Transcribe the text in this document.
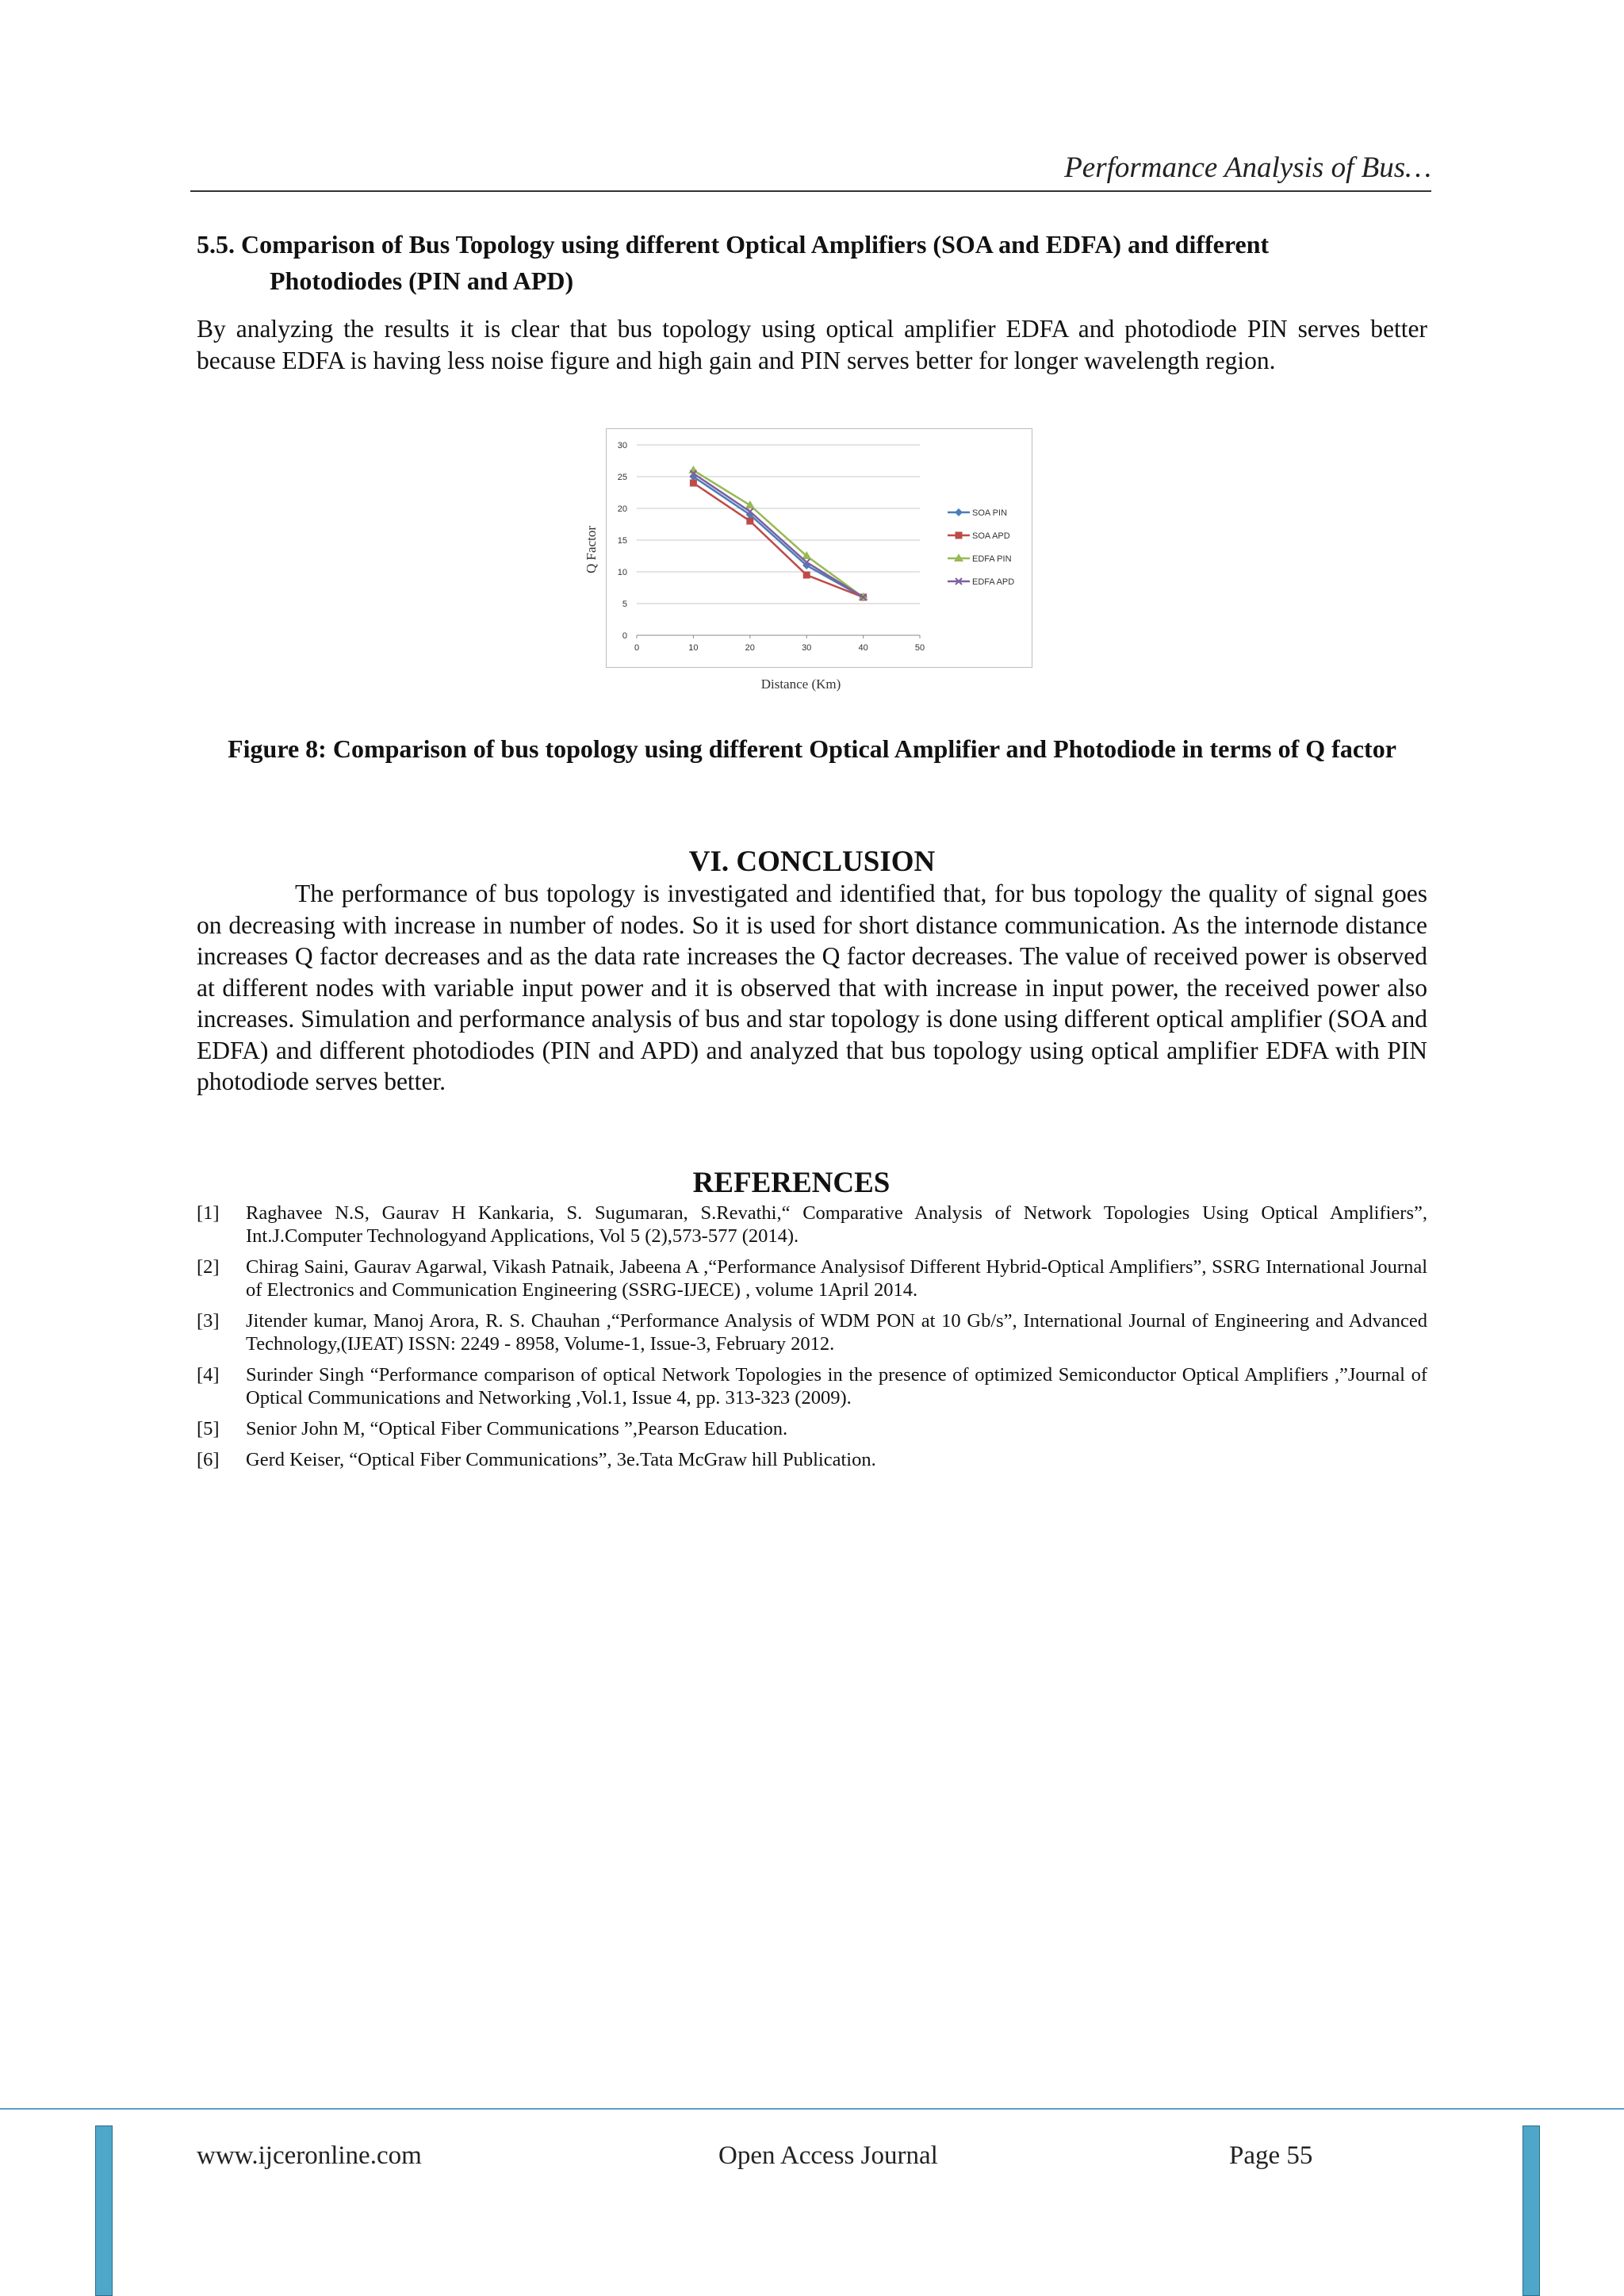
Performance Analysis of Bus…
5.5. Comparison of Bus Topology using different Optical Amplifiers (SOA and EDFA) and different
Photodiodes (PIN and APD)
By analyzing the results it is clear that bus topology using optical amplifier EDFA and photodiode PIN serves better because EDFA is having less noise figure and high gain and PIN serves better for longer wavelength region.
0
5
10
15
20
25
30
0	10	20	30	40	50
SOA PIN
SOA APD
EDFA PIN
EDFA APD
Q Factor
Distance (Km)
Figure 8: Comparison of bus topology using different Optical Amplifier and Photodiode in terms of Q factor
VI. CONCLUSION
The performance of bus topology is investigated and identified that, for bus topology the quality of signal goes on decreasing with increase in number of nodes. So it is used for short distance communication. As the internode distance increases Q factor decreases and as the data rate increases the Q factor decreases. The value of received power is observed at different nodes with variable input power and it is observed that with increase in input power, the received power also increases. Simulation and performance analysis of bus and star topology is done using different optical amplifier (SOA and EDFA) and different photodiodes (PIN and APD) and analyzed that bus topology using optical amplifier EDFA with PIN photodiode serves better.
REFERENCES
[1] Raghavee N.S, Gaurav H Kankaria, S. Sugumaran, S.Revathi,“ Comparative Analysis of Network Topologies Using Optical Amplifiers”, Int.J.Computer Technologyand Applications, Vol 5 (2),573-577 (2014).
[2] Chirag Saini, Gaurav Agarwal, Vikash Patnaik, Jabeena A ,“Performance Analysisof Different Hybrid-Optical Amplifiers”, SSRG International Journal of Electronics and Communication Engineering (SSRG-IJECE) , volume 1April 2014.
[3] Jitender kumar, Manoj Arora, R. S. Chauhan ,“Performance Analysis of WDM PON at 10 Gb/s”, International Journal of Engineering and Advanced Technology,(IJEAT) ISSN: 2249 - 8958, Volume-1, Issue-3, February 2012.
[4] Surinder Singh “Performance comparison of optical Network Topologies in the presence of optimized Semiconductor Optical Amplifiers ,”Journal of Optical Communications and Networking ,Vol.1, Issue 4, pp. 313-323 (2009).
[5] Senior John M, “Optical Fiber Communications ”,Pearson Education.
[6] Gerd Keiser, “Optical Fiber Communications”, 3e.Tata McGraw hill Publication.
www.ijceronline.com	Open Access Journal	Page 55
